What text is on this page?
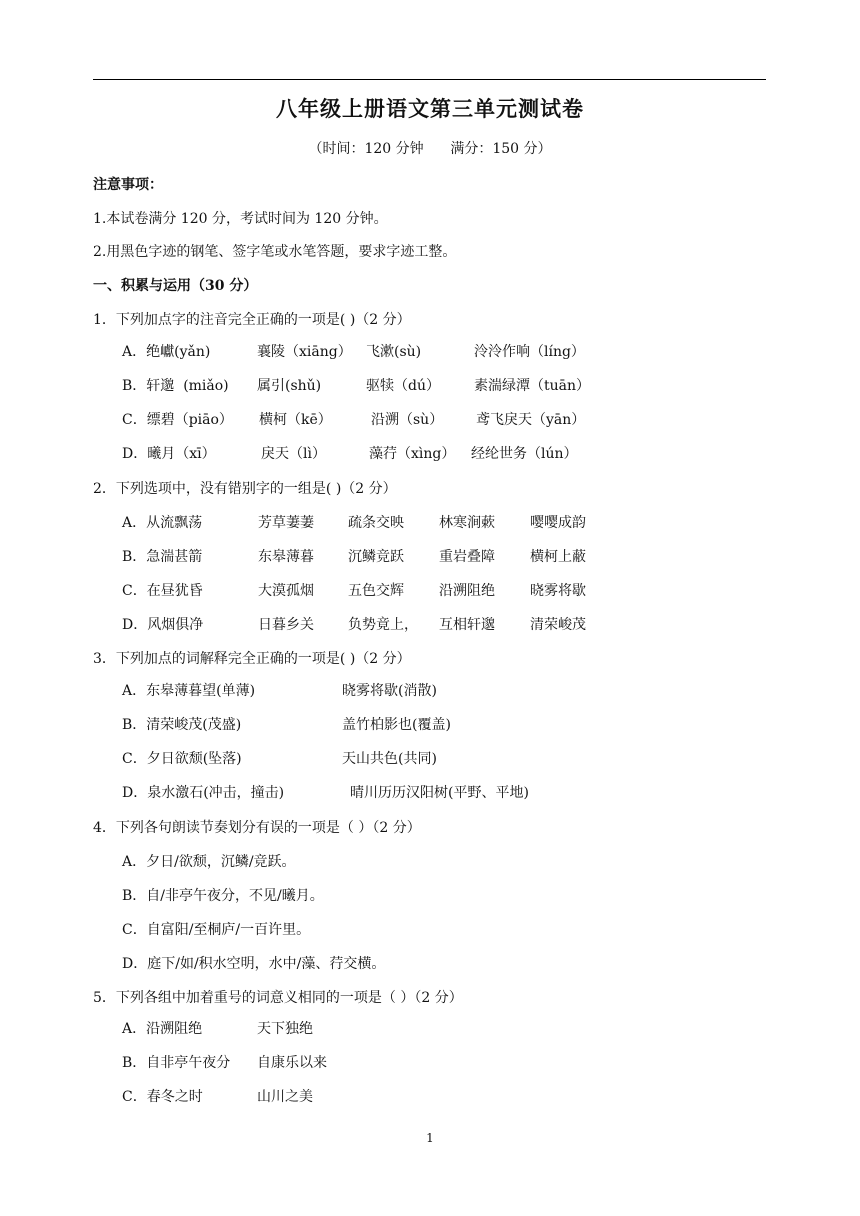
八年级上册语文第三单元测试卷
（时间：120 分钟      满分：150 分）
注意事项：
1.本试卷满分 120 分，考试时间为 120 分钟。
2.用黑色字迹的钢笔、签字笔或水笔答题，要求字迹工整。
一、积累与运用（30 分）
1．下列加点字的注音完全正确的一项是( )（2 分）
A．绝巘(yǎn)	襄陵（xiāng） 飞漱(sù)	泠泠作响（líng）
B．轩邈  (miǎo) 属引(shǔ)	驱犊（dú） 素湍绿潭（tuān）
C．缥碧（piāo） 横柯（kē）	沿溯（sù） 鸢飞戾天（yān）
D．曦月（xī）	戾天（lì）	藻荇（xìng） 经纶世务（lún）
2．下列选项中，没有错别字的一组是( )（2 分）
A．从流飘荡	芳草萋萋 疏条交映	林寒涧蔌	嘤嘤成韵
B．急湍甚箭	东皋薄暮 沉鳞竞跃	重岩叠障	横柯上蔽
C．在昼犹昏	大漠孤烟 五色交辉	沿溯阻绝	晓雾将歇
D．风烟俱净	日暮乡关 负势竟上， 互相轩邈	清荣峻茂
3．下列加点的词解释完全正确的一项是( )（2 分）
A．东皋薄暮望(单薄)	晓雾将歇(消散)
B．清荣峻茂(茂盛)	盖竹柏影也(覆盖)
C．夕日欲颓(坠落)	天山共色(共同)
D．泉水激石(冲击，撞击)	晴川历历汉阳树(平野、平地)
4．下列各句朗读节奏划分有误的一项是（ ）（2 分）
A．夕日/欲颓，沉鳞/竞跃。
B．自/非亭午夜分，不见/曦月。
C．自富阳/至桐庐/一百许里。
D．庭下/如/积水空明，水中/藻、荇交横。
5．下列各组中加着重号的词意义相同的一项是（ ）（2 分）
A．沿溯阻绝	天下独绝
B．自非亭午夜分 自康乐以来
C．春冬之时	山川之美
1
